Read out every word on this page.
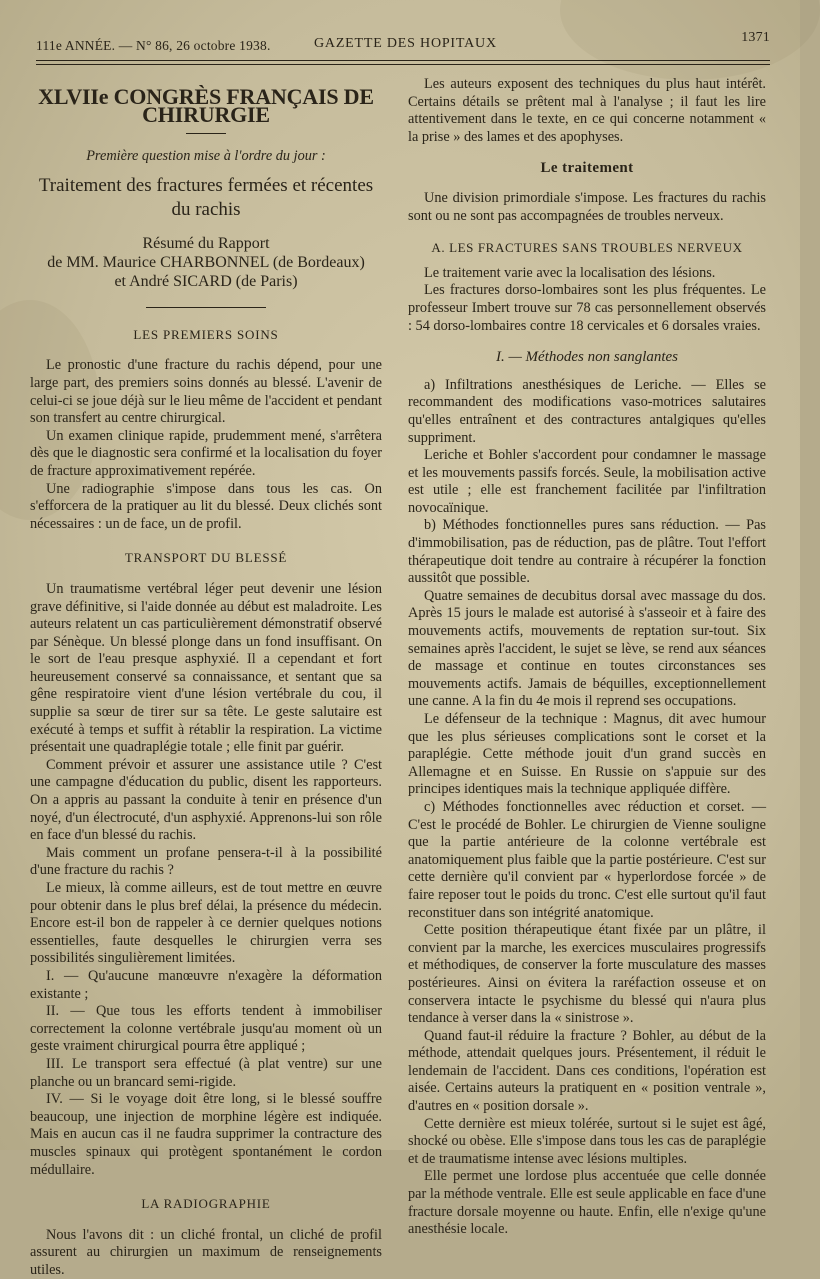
111e ANNÉE. — N° 86, 26 octobre 1938.	GAZETTE DES HOPITAUX	1371
XLVIIe CONGRÈS FRANÇAIS DE CHIRURGIE
Première question mise à l'ordre du jour :
Traitement des fractures fermées et récentes
du rachis
Résumé du Rapport
de MM. Maurice CHARBONNEL (de Bordeaux)
et André SICARD (de Paris)
LES PREMIERS SOINS

Le pronostic d'une fracture du rachis dépend, pour une large part, des premiers soins donnés au blessé. L'avenir de celui-ci se joue déjà sur le lieu même de l'accident et pendant son transfert au centre chirurgical.

Un examen clinique rapide, prudemment mené, s'arrêtera dès que le diagnostic sera confirmé et la localisation du foyer de fracture approximativement repérée.

Une radiographie s'impose dans tous les cas. On s'efforcera de la pratiquer au lit du blessé. Deux clichés sont nécessaires : un de face, un de profil.

TRANSPORT DU BLESSÉ

Un traumatisme vertébral léger peut devenir une lésion grave définitive, si l'aide donnée au début est maladroite. Les auteurs relatent un cas particulièrement démonstratif observé par Sénèque. Un blessé plonge dans un fond insuffisant. On le sort de l'eau presque asphyxié. Il a cependant et fort heureusement conservé sa connaissance, et sentant que sa gêne respiratoire vient d'une lésion vertébrale du cou, il supplie sa sœur de tirer sur sa tête. Le geste salutaire est exécuté à temps et suffit à rétablir la respiration. La victime présentait une quadraplégie totale ; elle finit par guérir.

Comment prévoir et assurer une assistance utile ? C'est une campagne d'éducation du public, disent les rapporteurs. On a appris au passant la conduite à tenir en présence d'un noyé, d'un électrocuté, d'un asphyxié. Apprenons-lui son rôle en face d'un blessé du rachis.

Mais comment un profane pensera-t-il à la possibilité d'une fracture du rachis ?

Le mieux, là comme ailleurs, est de tout mettre en œuvre pour obtenir dans le plus bref délai, la présence du médecin. Encore est-il bon de rappeler à ce dernier quelques notions essentielles, faute desquelles le chirurgien verra ses possibilités singulièrement limitées.

I. — Qu'aucune manœuvre n'exagère la déformation existante ;

II. — Que tous les efforts tendent à immobiliser correctement la colonne vertébrale jusqu'au moment où un geste vraiment chirurgical pourra être appliqué ;

III. Le transport sera effectué (à plat ventre) sur une planche ou un brancard semi-rigide.

IV. — Si le voyage doit être long, si le blessé souffre beaucoup, une injection de morphine légère est indiquée. Mais en aucun cas il ne faudra supprimer la contracture des muscles spinaux qui protègent spontanément le cordon médullaire.

LA RADIOGRAPHIE

Nous l'avons dit : un cliché frontal, un cliché de profil assurent au chirurgien un maximum de renseignements utiles.

Les auteurs exposent des techniques du plus haut intérêt. Certains détails se prêtent mal à l'analyse ; il faut les lire attentivement dans le texte, en ce qui concerne notamment « la prise » des lames et des apophyses.

Le traitement

Une division primordiale s'impose. Les fractures du rachis sont ou ne sont pas accompagnées de troubles nerveux.

A. LES FRACTURES SANS TROUBLES NERVEUX

Le traitement varie avec la localisation des lésions.

Les fractures dorso-lombaires sont les plus fréquentes. Le professeur Imbert trouve sur 78 cas personnellement observés : 54 dorso-lombaires contre 18 cervicales et 6 dorsales vraies.

I. — Méthodes non sanglantes

a) Infiltrations anesthésiques de Leriche. — Elles se recommandent des modifications vaso-motrices salutaires qu'elles entraînent et des contractures antalgiques qu'elles suppriment.

Leriche et Bohler s'accordent pour condamner le massage et les mouvements passifs forcés. Seule, la mobilisation active est utile ; elle est franchement facilitée par l'infiltration novocaïnique.

b) Méthodes fonctionnelles pures sans réduction. — Pas d'immobilisation, pas de réduction, pas de plâtre. Tout l'effort thérapeutique doit tendre au contraire à récupérer la fonction aussitôt que possible.

Quatre semaines de decubitus dorsal avec massage du dos. Après 15 jours le malade est autorisé à s'asseoir et à faire des mouvements actifs, mouvements de reptation sur-tout. Six semaines après l'accident, le sujet se lève, se rend aux séances de massage et continue en toutes circonstances ses mouvements actifs. Jamais de béquilles, exceptionnellement une canne. A la fin du 4e mois il reprend ses occupations.

Le défenseur de la technique : Magnus, dit avec humour que les plus sérieuses complications sont le corset et la paraplégie. Cette méthode jouit d'un grand succès en Allemagne et en Suisse. En Russie on s'appuie sur des principes identiques mais la technique appliquée diffère.

c) Méthodes fonctionnelles avec réduction et corset. — C'est le procédé de Bohler. Le chirurgien de Vienne souligne que la partie antérieure de la colonne vertébrale est anatomiquement plus faible que la partie postérieure. C'est sur cette dernière qu'il convient par « hyperlordose forcée » de faire reposer tout le poids du tronc. C'est elle surtout qu'il faut reconstituer dans son intégrité anatomique.

Cette position thérapeutique étant fixée par un plâtre, il convient par la marche, les exercices musculaires progressifs et méthodiques, de conserver la forte musculature des masses postérieures. Ainsi on évitera la raréfaction osseuse et on conservera intacte le psychisme du blessé qui n'aura plus tendance à verser dans la « sinistrose ».

Quand faut-il réduire la fracture ? Bohler, au début de la méthode, attendait quelques jours. Présentement, il réduit le lendemain de l'accident. Dans ces conditions, l'opération est aisée. Certains auteurs la pratiquent en « position ventrale », d'autres en « position dorsale ».

Cette dernière est mieux tolérée, surtout si le sujet est âgé, shocké ou obèse. Elle s'impose dans tous les cas de paraplégie et de traumatisme intense avec lésions multiples.

Elle permet une lordose plus accentuée que celle donnée par la méthode ventrale. Elle est seule applicable en face d'une fracture dorsale moyenne ou haute. Enfin, elle n'exige qu'une anesthésie locale.
